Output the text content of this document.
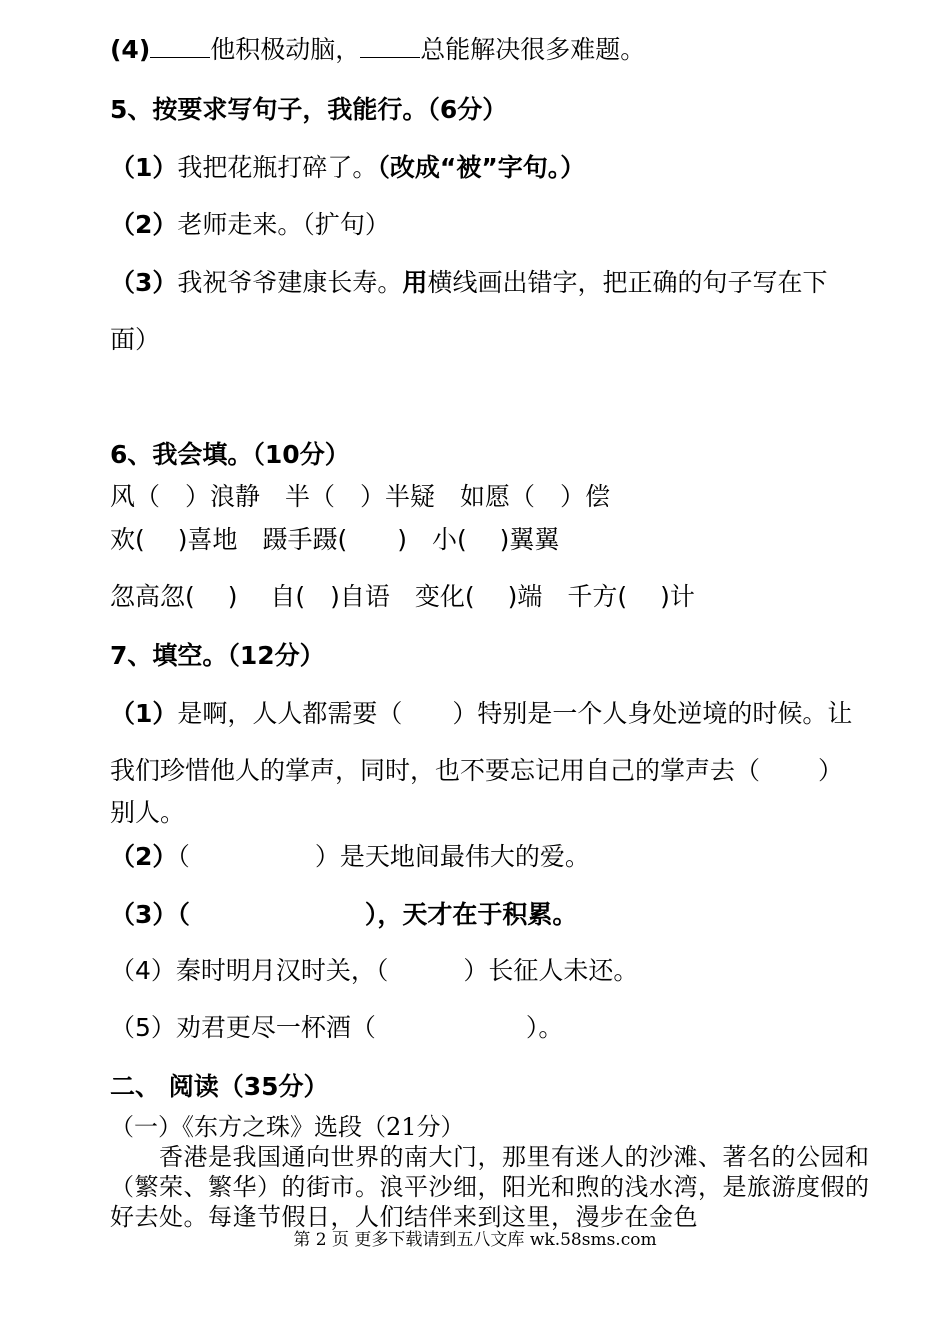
(4) 他积极动脑， 总能解决很多难题。
5、按要求写句子，我能行。（6分）
（1）我把花瓶打碎了。（改成“被”字句。）
（2）老师走来。（扩句）
（3）我祝爷爷建康长寿。用横线画出错字，把正确的句子写在下
面）
6、我会填。（10分）
风（　）浪静　半（　）半疑　如愿（　）偿
欢(　 )喜地　蹑手蹑(　　)　小(　 )翼翼
忽高忽(　 )　 自(　)自语　变化(　 )端　千方(　 )计
7、填空。（12分）
（1）是啊，人人都需要（　　）特别是一个人身处逆境的时候。让
我们珍惜他人的掌声，同时，也不要忘记用自己的掌声去（　　 ）
别人。
（2）（　　　　　）是天地间最伟大的爱。
（3）（　　　　　　　），天才在于积累。
（4）秦时明月汉时关，（　　　）长征人未还。
（5）劝君更尽一杯酒（　　　　　　）。
二、 阅读（35分）
（一）《东方之珠》选段（21分）
　　香港是我国通向世界的南大门，那里有迷人的沙滩、著名的公园和（繁荣、繁华）的街市。浪平沙细，阳光和煦的浅水湾，是旅游度假的好去处。每逢节假日，人们结伴来到这里，漫步在金色
第 2 页 更多下载请到五八文库 wk.58sms.com
